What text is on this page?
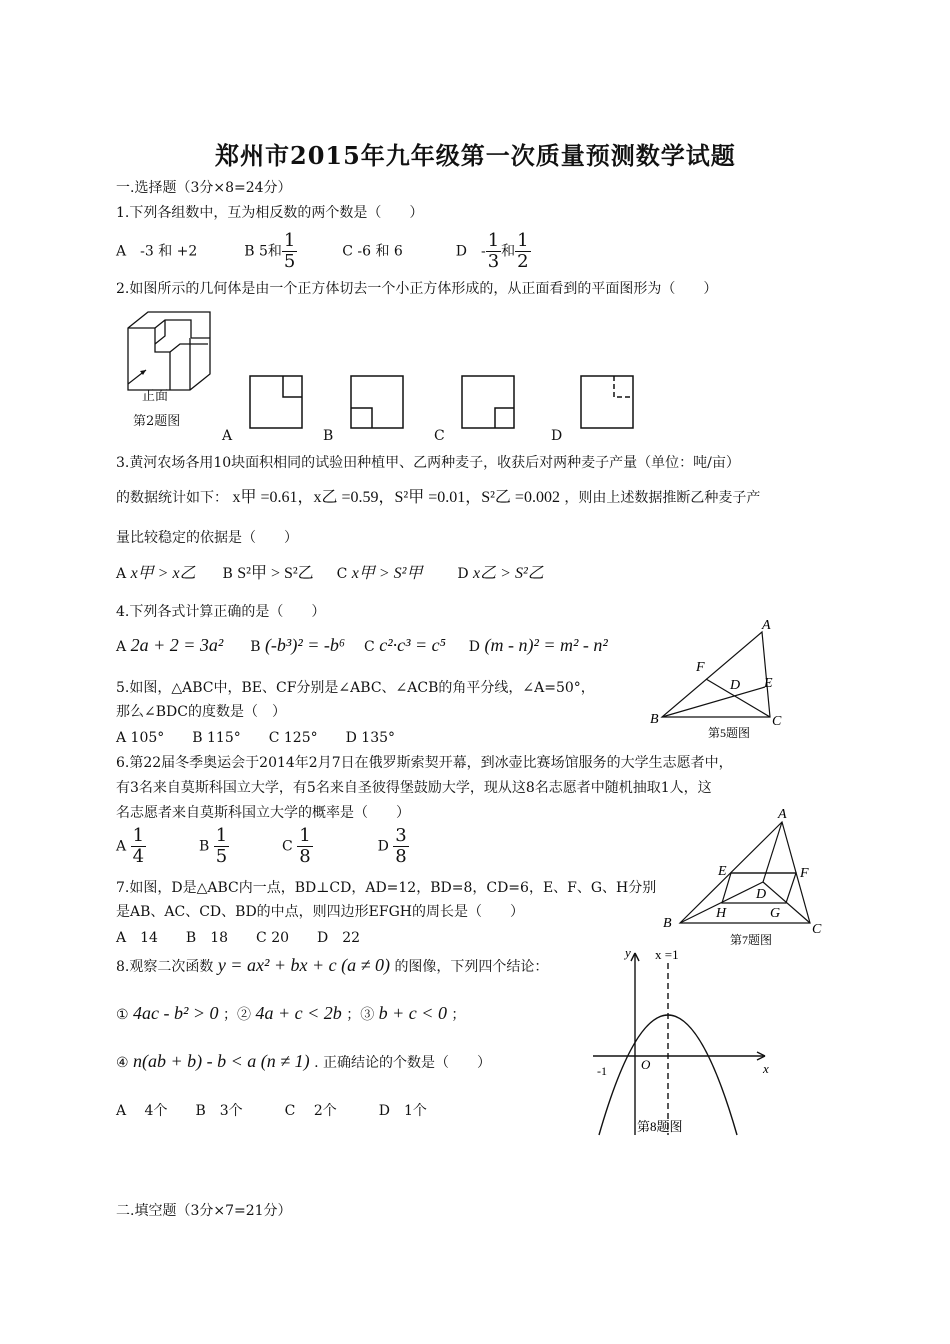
郑州市2015年九年级第一次质量预测数学试题
一.选择题（3分×8=24分）
1.下列各组数中，互为相反数的两个数是（　　）
A　-3 和 +2	B 5和 $\frac{1}{5}$	C -6 和 6	D　- $\frac{1}{3}$ 和 $\frac{1}{2}$
2.如图所示的几何体是由一个正方体切去一个小正方体形成的，从正面看到的平面图形为（　　）
正面
第2题图
A	B	C	D
3.黄河农场各用10块面积相同的试验田种植甲、乙两种麦子，收获后对两种麦子产量（单位：吨/亩）
的数据统计如下： x甲 =0.61，x乙 =0.59，S²甲 =0.01，S²乙 =0.002 ，则由上述数据推断乙种麦子产
量比较稳定的依据是（　　）
A x甲 > x乙 B S²甲 > S²乙 C x甲 > S²甲 D x乙 > S²乙
4.下列各式计算正确的是（　　）
A 2a + 2 = 3a² B (-b³)² = -b⁶ C c²·c³ = c⁵ D (m - n)² = m² - n²
5.如图，△ABC中，BE、CF分别是∠ABC、∠ACB的角平分线，∠A=50°，
那么∠BDC的度数是（　）
A 105°　　B 115°　　C 125°　　D 135°
A
B	C
D E
F
第5题图
6.第22届冬季奥运会于2014年2月7日在俄罗斯索契开幕，到冰壶比赛场馆服务的大学生志愿者中，
有3名来自莫斯科国立大学，有5名来自圣彼得堡鼓励大学，现从这8名志愿者中随机抽取1人，这
名志愿者来自莫斯科国立大学的概率是（　　）
A $\frac{1}{4}$	B $\frac{1}{5}$	C $\frac{1}{8}$	D $\frac{3}{8}$
7.如图，D是△ABC内一点，BD⊥CD，AD=12，BD=8，CD=6，E、F、G、H分别
是AB、AC、CD、BD的中点，则四边形EFGH的周长是（　　）
A　14　　B　18　　C 20　　D　22
A
B	C
D
E	F
G
H
第7题图
8.观察二次函数 y = ax² + bx + c (a ≠ 0) 的图像，下列四个结论：
① 4ac - b² > 0 ；② 4a + c < 2b ；③ b + c < 0 ；
④ n(ab + b) - b < a (n ≠ 1) . 正确结论的个数是（　　）
A　 4个　　B　3个　　　C　 2个　　　D　1个
y
x
x =1
O
-1
第8题图
二.填空题（3分×7=21分）
